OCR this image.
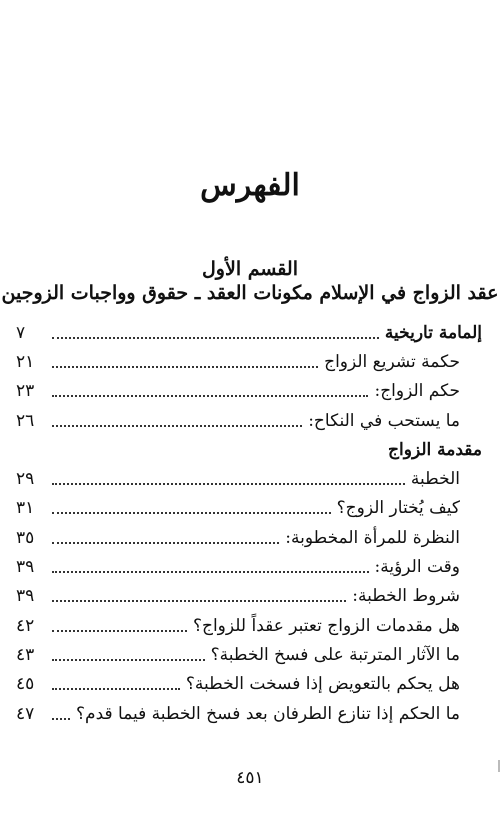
الفهرس
القسم الأول
عقد الزواج في الإسلام مكونات العقد ـ حقوق وواجبات الزوجين
إلمامة تاريخية
٧
حكمة تشريع الزواج
٢١
حكم الزواج:
٢٣
ما يستحب في النكاح:
٢٦
مقدمة الزواج
الخطبة
٢٩
كيف يُختار الزوج؟
٣١
النظرة للمرأة المخطوبة:
٣٥
وقت الرؤية:
٣٩
شروط الخطبة:
٣٩
هل مقدمات الزواج تعتبر عقداً للزواج؟
٤٢
ما الآثار المترتبة على فسخ الخطبة؟
٤٣
هل يحكم بالتعويض إذا فسخت الخطبة؟
٤٥
ما الحكم إذا تنازع الطرفان بعد فسخ الخطبة فيما قدم؟
٤٧
٤٥١
